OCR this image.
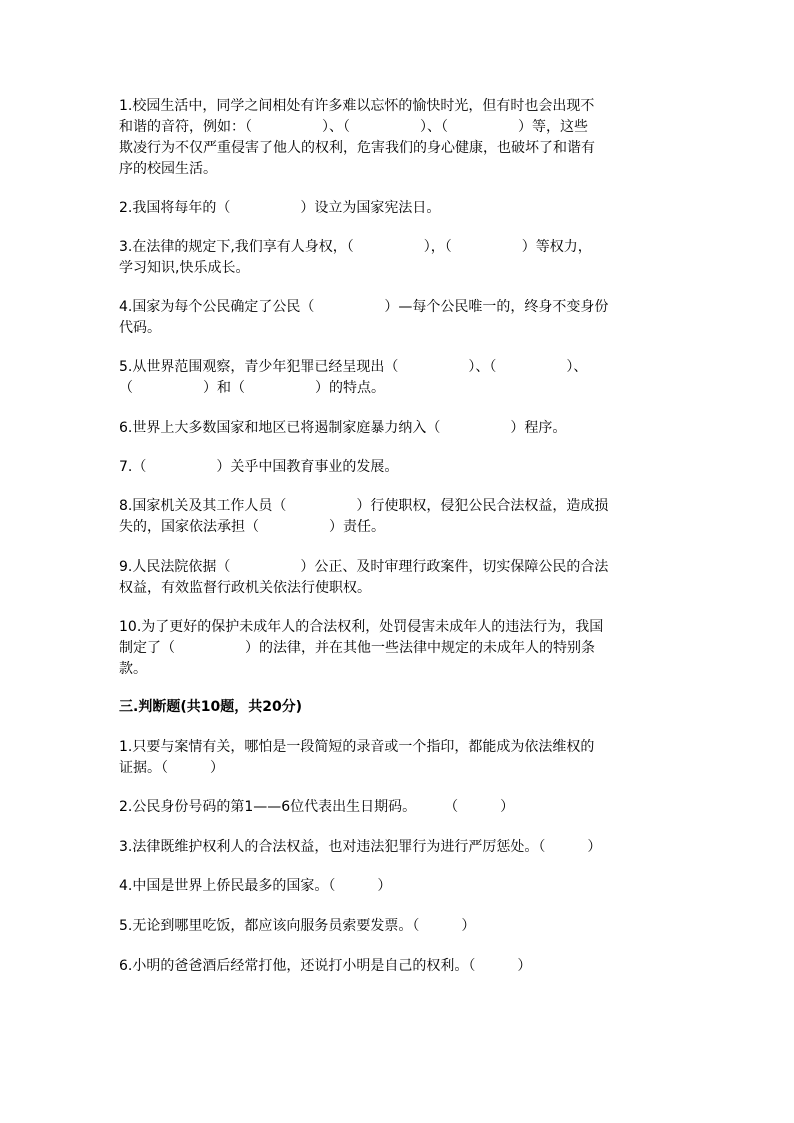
1.校园生活中，同学之间相处有许多难以忘怀的愉快时光，但有时也会出现不
和谐的音符，例如：（　　　　　）、（　　　　　）、（　　　　　）等，这些
欺凌行为不仅严重侵害了他人的权利，危害我们的身心健康，也破坏了和谐有
序的校园生活。

2.我国将每年的（　　　　　）设立为国家宪法日。

3.在法律的规定下,我们享有人身权，（　　　　　），（　　　　　）等权力，
学习知识,快乐成长。

4.国家为每个公民确定了公民（　　　　　）—每个公民唯一的，终身不变身份
代码。

5.从世界范围观察，青少年犯罪已经呈现出（　　　　　）、（　　　　　）、
（　　　　　）和（　　　　　）的特点。

6.世界上大多数国家和地区已将遏制家庭暴力纳入（　　　　　）程序。

7.（　　　　　）关乎中国教育事业的发展。

8.国家机关及其工作人员（　　　　　）行使职权，侵犯公民合法权益，造成损
失的，国家依法承担（　　　　　）责任。

9.人民法院依据（　　　　　）公正、及时审理行政案件，切实保障公民的合法
权益，有效监督行政机关依法行使职权。

10.为了更好的保护未成年人的合法权利，处罚侵害未成年人的违法行为，我国
制定了（　　　　　）的法律，并在其他一些法律中规定的未成年人的特别条
款。

三.判断题(共10题，共20分)

1.只要与案情有关，哪怕是一段简短的录音或一个指印，都能成为依法维权的
证据。（　　　）

2.公民身份号码的第1——6位代表出生日期码。　　　（　　　）

3.法律既维护权利人的合法权益，也对违法犯罪行为进行严厉惩处。（　　　）

4.中国是世界上侨民最多的国家。（　　　）

5.无论到哪里吃饭，都应该向服务员索要发票。（　　　）

6.小明的爸爸酒后经常打他，还说打小明是自己的权利。（　　　）
